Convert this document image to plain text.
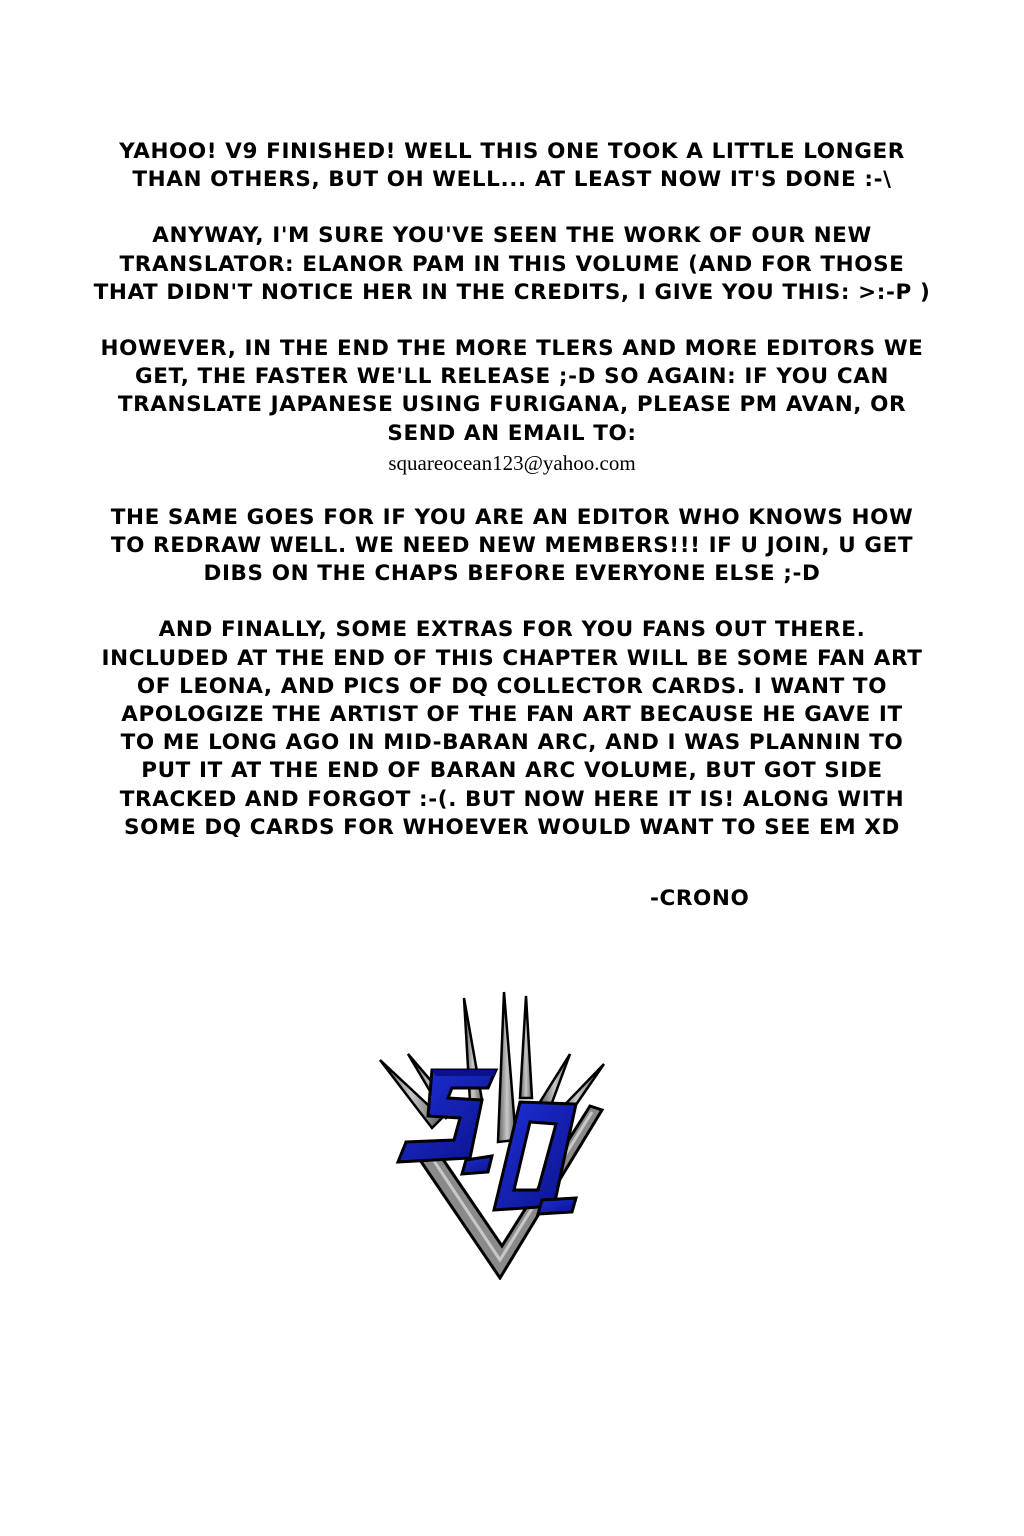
YAHOO! V9 FINISHED! WELL THIS ONE TOOK A LITTLE LONGER
THAN OTHERS, BUT OH WELL... AT LEAST NOW IT'S DONE :-\

ANYWAY, I'M SURE YOU'VE SEEN THE WORK OF OUR NEW
TRANSLATOR: ELANOR PAM IN THIS VOLUME (AND FOR THOSE
THAT DIDN'T NOTICE HER IN THE CREDITS, I GIVE YOU THIS: >:-P )

HOWEVER, IN THE END THE MORE TLERS AND MORE EDITORS WE
GET, THE FASTER WE'LL RELEASE ;-D SO AGAIN: IF YOU CAN
TRANSLATE JAPANESE USING FURIGANA, PLEASE PM AVAN, OR
SEND AN EMAIL TO:

squareocean123@yahoo.com

THE SAME GOES FOR IF YOU ARE AN EDITOR WHO KNOWS HOW
TO REDRAW WELL. WE NEED NEW MEMBERS!!! IF U JOIN, U GET
DIBS ON THE CHAPS BEFORE EVERYONE ELSE ;-D

AND FINALLY, SOME EXTRAS FOR YOU FANS OUT THERE.
INCLUDED AT THE END OF THIS CHAPTER WILL BE SOME FAN ART
OF LEONA, AND PICS OF DQ COLLECTOR CARDS. I WANT TO
APOLOGIZE THE ARTIST OF THE FAN ART BECAUSE HE GAVE IT
TO ME LONG AGO IN MID-BARAN ARC, AND I WAS PLANNIN TO
PUT IT AT THE END OF BARAN ARC VOLUME, BUT GOT SIDE
TRACKED AND FORGOT :-(. BUT NOW HERE IT IS! ALONG WITH
SOME DQ CARDS FOR WHOEVER WOULD WANT TO SEE EM XD

-CRONO
